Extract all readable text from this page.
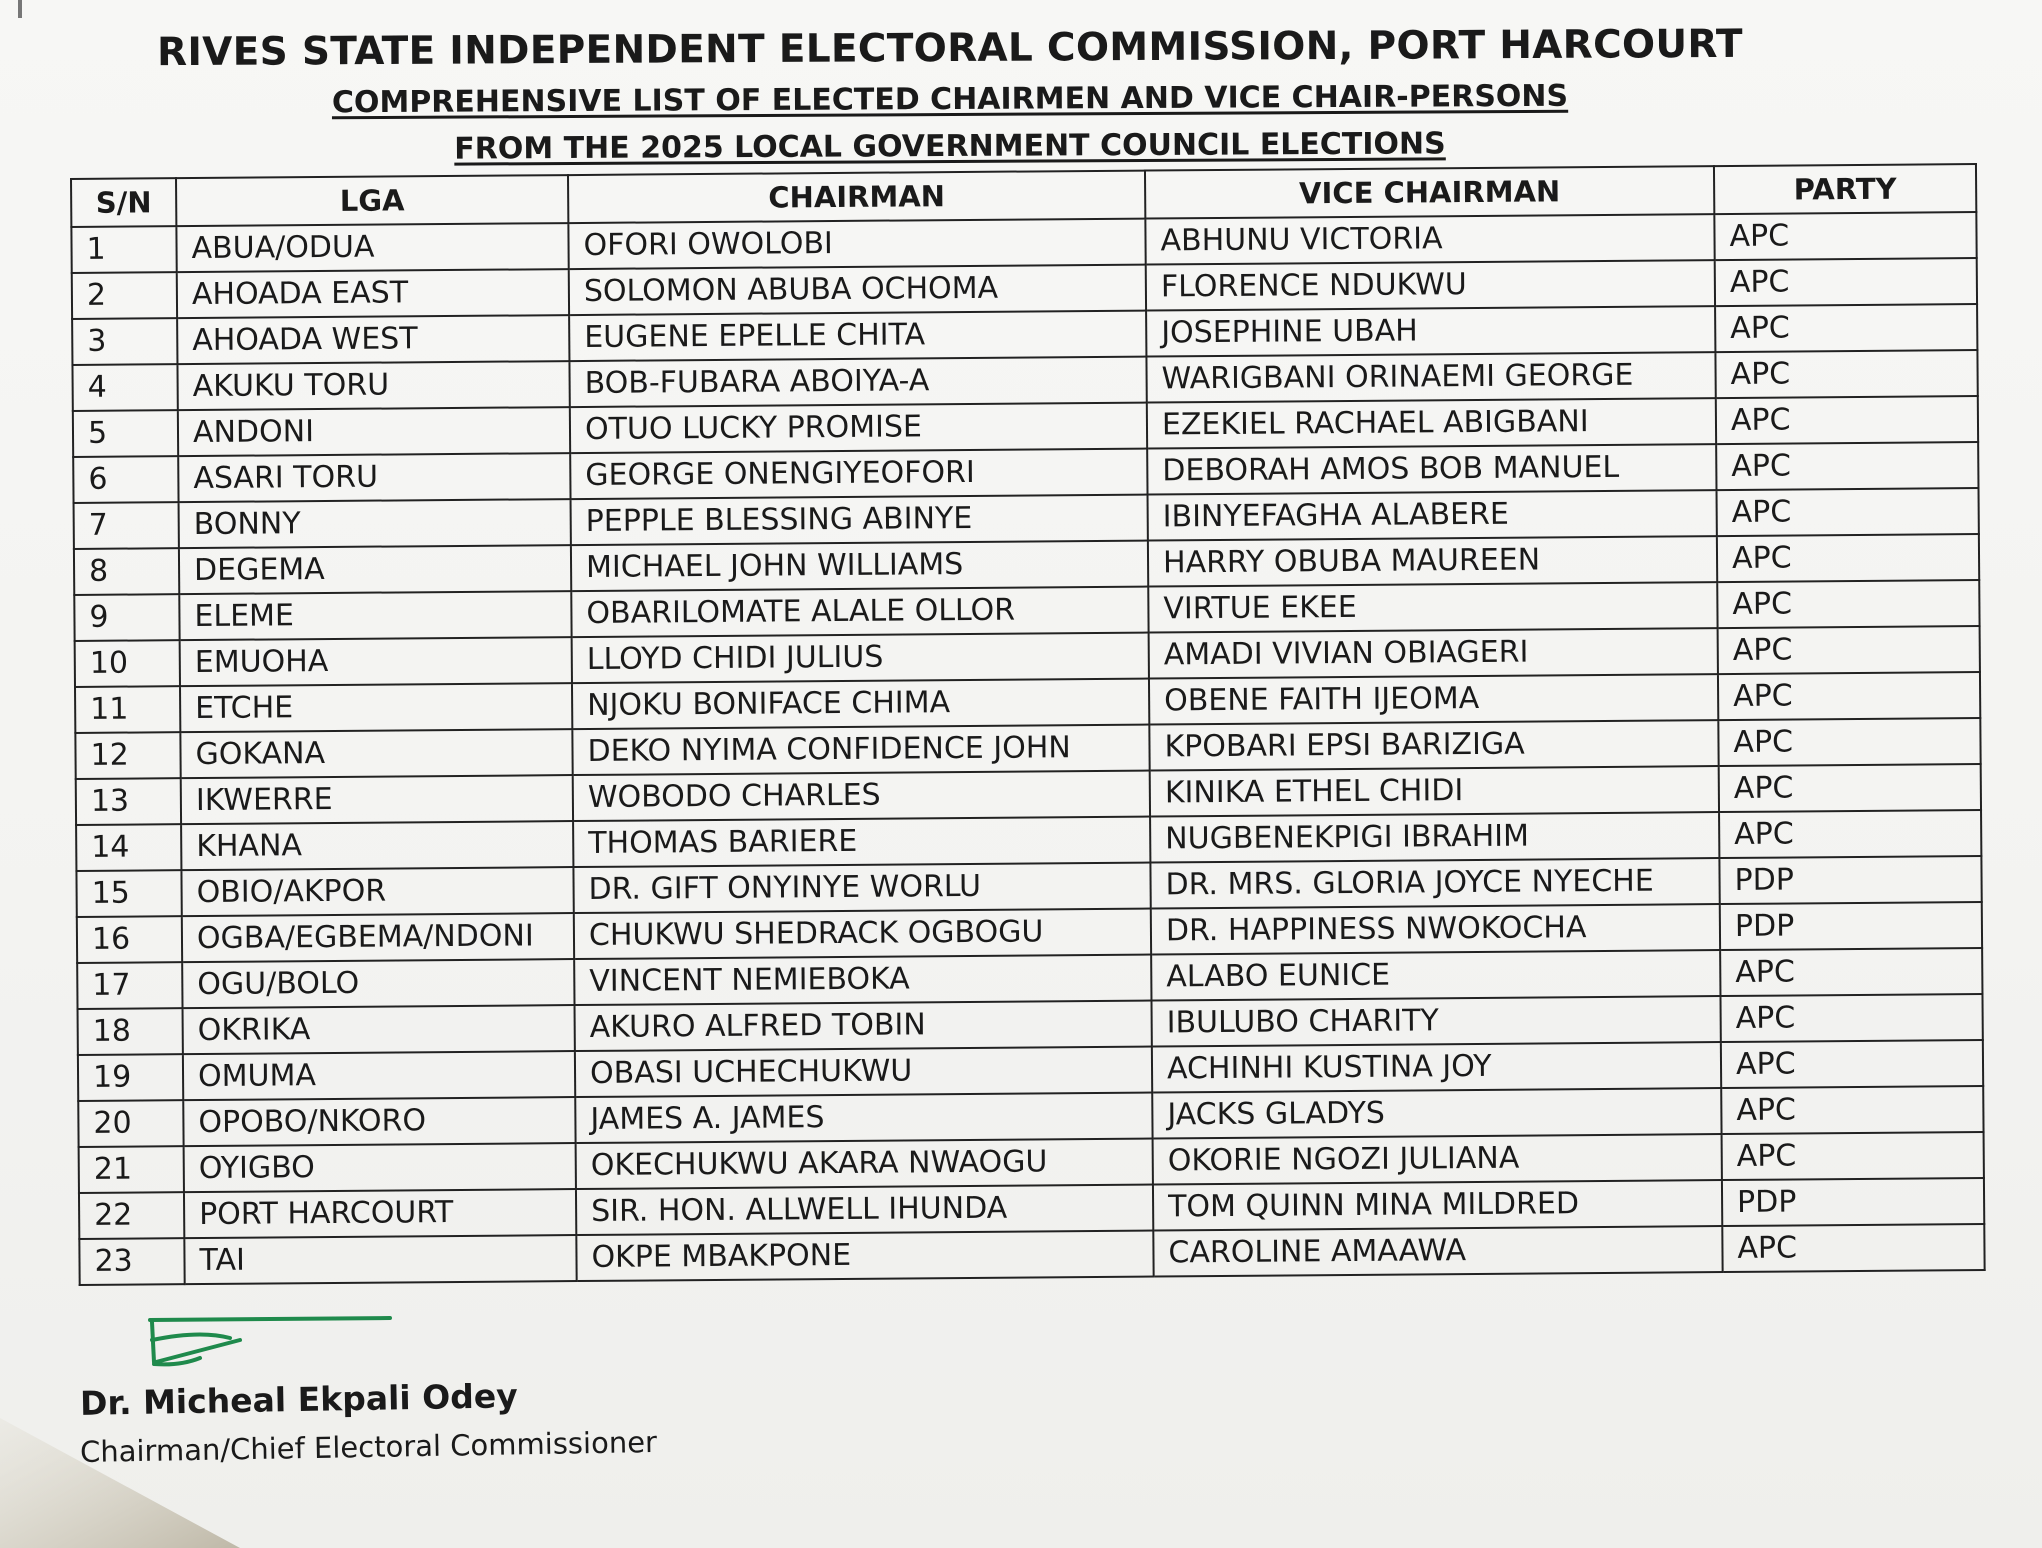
RIVES STATE INDEPENDENT ELECTORAL COMMISSION, PORT HARCOURT

COMPREHENSIVE LIST OF ELECTED CHAIRMEN AND VICE CHAIR-PERSONS

FROM THE 2025 LOCAL GOVERNMENT COUNCIL ELECTIONS

S/N	LGA	CHAIRMAN	VICE CHAIRMAN	PARTY
1	ABUA/ODUA	OFORI OWOLOBI	ABHUNU VICTORIA	APC
2	AHOADA EAST	SOLOMON ABUBA OCHOMA	FLORENCE NDUKWU	APC
3	AHOADA WEST	EUGENE EPELLE CHITA	JOSEPHINE UBAH	APC
4	AKUKU TORU	BOB-FUBARA ABOIYA-A	WARIGBANI ORINAEMI GEORGE	APC
5	ANDONI	OTUO LUCKY PROMISE	EZEKIEL RACHAEL ABIGBANI	APC
6	ASARI TORU	GEORGE ONENGIYEOFORI	DEBORAH AMOS BOB MANUEL	APC
7	BONNY	PEPPLE BLESSING ABINYE	IBINYEFAGHA ALABERE	APC
8	DEGEMA	MICHAEL JOHN WILLIAMS	HARRY OBUBA MAUREEN	APC
9	ELEME	OBARILOMATE ALALE OLLOR	VIRTUE EKEE	APC
10	EMUOHA	LLOYD CHIDI JULIUS	AMADI VIVIAN OBIAGERI	APC
11	ETCHE	NJOKU BONIFACE CHIMA	OBENE FAITH IJEOMA	APC
12	GOKANA	DEKO NYIMA CONFIDENCE JOHN	KPOBARI EPSI BARIZIGA	APC
13	IKWERRE	WOBODO CHARLES	KINIKA ETHEL CHIDI	APC
14	KHANA	THOMAS BARIERE	NUGBENEKPIGI IBRAHIM	APC
15	OBIO/AKPOR	DR. GIFT ONYINYE WORLU	DR. MRS. GLORIA JOYCE NYECHE	PDP
16	OGBA/EGBEMA/NDONI	CHUKWU SHEDRACK OGBOGU	DR. HAPPINESS NWOKOCHA	PDP
17	OGU/BOLO	VINCENT NEMIEBOKA	ALABO EUNICE	APC
18	OKRIKA	AKURO ALFRED TOBIN	IBULUBO CHARITY	APC
19	OMUMA	OBASI UCHECHUKWU	ACHINHI KUSTINA JOY	APC
20	OPOBO/NKORO	JAMES A. JAMES	JACKS GLADYS	APC
21	OYIGBO	OKECHUKWU AKARA NWAOGU	OKORIE NGOZI JULIANA	APC
22	PORT HARCOURT	SIR. HON. ALLWELL IHUNDA	TOM QUINN MINA MILDRED	PDP
23	TAI	OKPE MBAKPONE	CAROLINE AMAAWA	APC
Dr. Micheal Ekpali Odey
Chairman/Chief Electoral Commissioner
